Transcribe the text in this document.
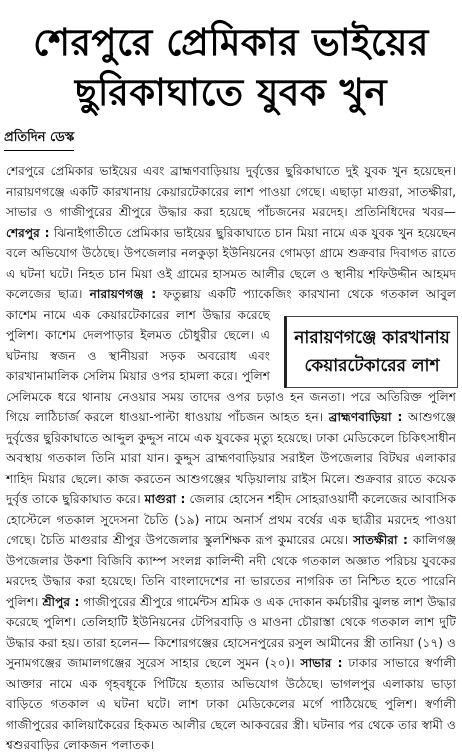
শেরপুরে প্রেমিকার ভাইয়ের
ছুরিকাঘাতে যুবক খুন
প্রতিদিন ডেস্ক
নারায়ণগঞ্জে কারখানায় কেয়ারটেকারের লাশ
শেরপুরে প্রেমিকার ভাইয়ের এবং ব্রাহ্মণবাড়িয়ায় দুর্বৃত্তের ছুরিকাঘাতে দুই যুবক খুন হয়েছেন। নারায়ণগঞ্জে একটি কারখানায় কেয়ারটেকারের লাশ পাওয়া গেছে। এছাড়া মাগুরা, সাতক্ষীরা, সাভার ও গাজীপুরের শ্রীপুরে উদ্ধার করা হয়েছে পাঁচজনের মরদেহ। প্রতিনিধিদের খবর—শেরপুর : ঝিনাইগাতীতে প্রেমিকার ভাইয়ের ছুরিকাঘাতে চান মিয়া নামে এক যুবক খুন হয়েছেন বলে অভিযোগ উঠেছে। উপজেলার নলকুড়া ইউনিয়নের গোমড়া গ্রামে শুক্রবার দিবাগত রাতে এ ঘটনা ঘটে। নিহত চান মিয়া ওই গ্রামের হাসমত আলীর ছেলে ও স্থানীয় শফিউদ্দীন আহমদ কলেজের ছাত্র। নারায়ণগঞ্জ :
ফতুল্লায় একটি প্যাকেজিং কারখানা থেকে গতকাল আবুল কাশেম নামে এক কেয়ারটেকারের লাশ উদ্ধার করেছে পুলিশ। কাশেম দেলপাড়ার ইলমত চৌধুরীর ছেলে। এ ঘটনায় স্বজন ও স্থানীয়রা সড়ক অবরোধ এবং কারখানামালিক সেলিম মিয়ার ওপর হামলা করে। পুলিশ সেলিমকে ধরে থানায় নেওয়ার সময় তাদের ওপর চড়াও হন জনতা। পরে অতিরিক্ত পুলিশ গিয়ে লাঠিচার্জ করলে ধাওয়া-পাল্টা ধাওয়ায় পাঁচজন আহত হন। ব্রাহ্মণবাড়িয়া : আশুগঞ্জে দুর্বৃত্তের ছুরিকাঘাতে আব্দুল কুদ্দুস নামে এক যুবকের মৃত্যু হয়েছে। ঢাকা মেডিকেলে চিকিৎসাধীন অবস্থায় গতকাল তিনি মারা যান। কুদ্দুস ব্রাহ্মণবাড়িয়ার সরাইল উপজেলার বিটঘর এলাকার শাহিদ মিয়ার ছেলে। কাজ করতেন আশুগঞ্জের খড়িয়ালায় রাইস মিলে। শুক্রবার রাতে কয়েক দুর্বৃত্ত তাকে ছুরিকাঘাত করে। মাগুরা : জেলার হোসেন শহীদ সোহরাওয়ার্দী কলেজের আবাসিক হোস্টেলে গতকাল সুদেসনা চৈতি (১৯) নামে অনার্স প্রথম বর্ষের এক ছাত্রীর মরদেহ পাওয়া গেছে। চৈতি মাগুরার শ্রীপুর উপজেলার স্কুলশিক্ষক রূপ কুমারের মেয়ে। সাতক্ষীরা : কালিগঞ্জ উপজেলার উকশা বিজিবি ক্যাম্প সংলগ্ন কালিন্দী নদী থেকে গতকাল অজ্ঞাত পরিচয় যুবকের মরদেহ উদ্ধার করা হয়েছে। তিনি বাংলাদেশের না ভারতের নাগরিক তা নিশ্চিত হতে পারেনি পুলিশ। শ্রীপুর : গাজীপুরের শ্রীপুরে গার্মেন্টস শ্রমিক ও এক দোকান কর্মচারীর ঝুলন্ত লাশ উদ্ধার করেছে পুলিশ। তেলিহাটি ইউনিয়নের টেপিরবাড়ি ও মাওনা চৌরাস্তা থেকে গতকাল লাশ দুটি উদ্ধার করা হয়। তারা হলেন— কিশোরগঞ্জের হোসেনপুরের রসুল আমীনের স্ত্রী তানিয়া (১৭) ও সুনামগঞ্জের জামালগঞ্জের সুরেস সাহার ছেলে সুমন (২০)। সাভার : ঢাকার সাভারে স্বর্ণালী আক্তার নামে এক গৃহবধূকে পিটিয়ে হত্যার অভিযোগ উঠেছে। ভাগলপুর এলাকায় ভাড়া বাড়িতে গতকাল এ ঘটনা ঘটে। লাশ ঢাকা মেডিকেলের মর্গে পাঠিয়েছে পুলিশ। স্বর্ণালী গাজীপুরের কালিয়াকৈরের হিকমত আলীর ছেলে আকবরের স্ত্রী। ঘটনার পর থেকে তার স্বামী ও শ্বশুরবাড়ির লোকজন পলাতক।
